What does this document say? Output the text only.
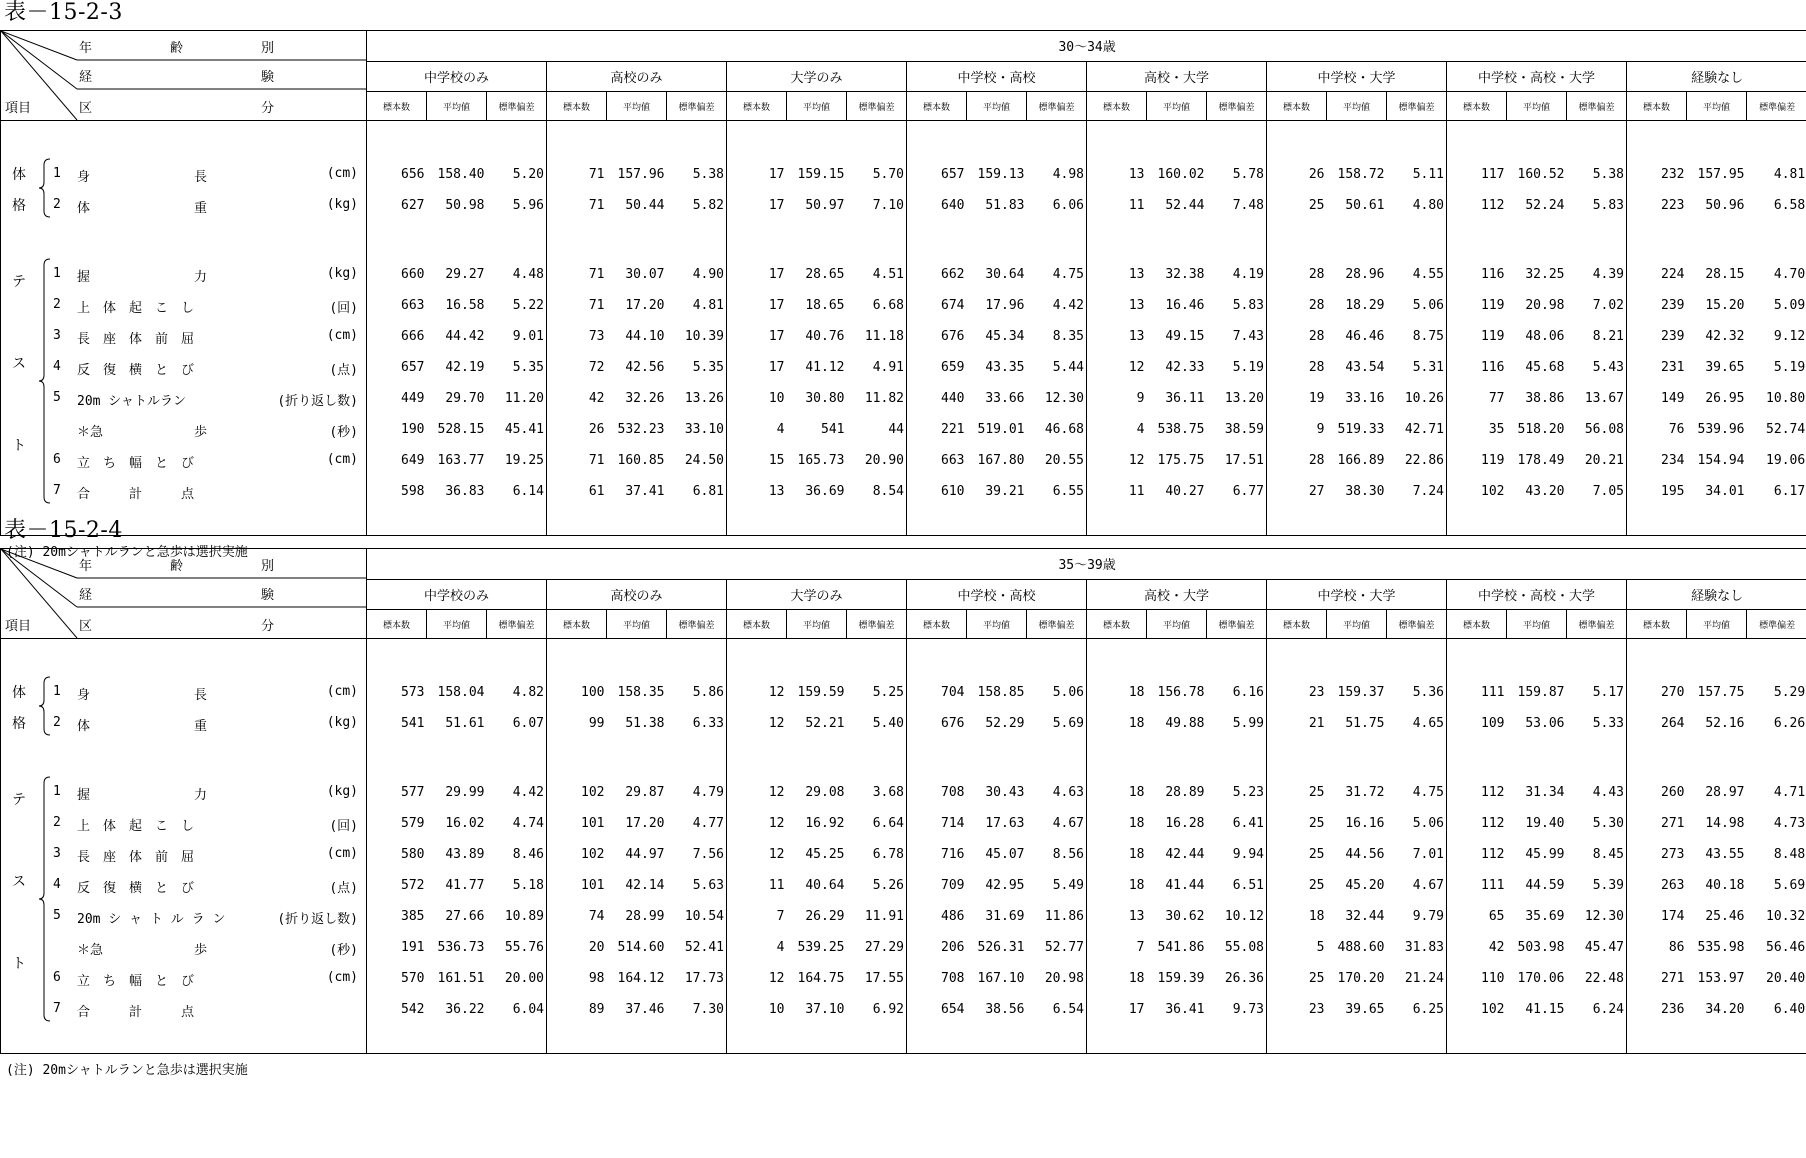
表－15-2-3
年　　　　　　齢　　　　　　別
経　　　　　　　　　　　　　験
項目 区　　　　　　　　　　　　　分	30～34歳																							
	中学校のみ			高校のみ			大学のみ			中学校・高校			高校・大学			中学校・大学			中学校・高校・大学			経験なし		
	標本数	平均値	標準偏差	標本数	平均値	標準偏差	標本数	平均値	標準偏差	標本数	平均値	標準偏差	標本数	平均値	標準偏差	標本数	平均値	標準偏差	標本数	平均値	標準偏差	標本数	平均値	標準偏差

1 身　　　　　　　　長 (cm)	656	158.40	5.20	71	157.96	5.38	17	159.15	5.70	657	159.13	4.98	13	160.02	5.78	26	158.72	5.11	117	160.52	5.38	232	157.95	4.81

2 体　　　　　　　　重 (kg)	627	50.98	5.96	71	50.44	5.82	17	50.97	7.10	640	51.83	6.06	11	52.44	7.48	25	50.61	4.80	112	52.24	5.83	223	50.96	6.58

1 握　　　　　　　　力 (kg)	660	29.27	4.48	71	30.07	4.90	17	28.65	4.51	662	30.64	4.75	13	32.38	4.19	28	28.96	4.55	116	32.25	4.39	224	28.15	4.70

2 上　体　起　こ　し (回)	663	16.58	5.22	71	17.20	4.81	17	18.65	6.68	674	17.96	4.42	13	16.46	5.83	28	18.29	5.06	119	20.98	7.02	239	15.20	5.09

3 長　座　体　前　屈 (cm)	666	44.42	9.01	73	44.10	10.39	17	40.76	11.18	676	45.34	8.35	13	49.15	7.43	28	46.46	8.75	119	48.06	8.21	239	42.32	9.12

4 反　復　横　と　び (点)	657	42.19	5.35	72	42.56	5.35	17	41.12	4.91	659	43.35	5.44	12	42.33	5.19	28	43.54	5.31	116	45.68	5.43	231	39.65	5.19

5 20m シャトルラン (折り返し数)	449	29.70	11.20	42	32.26	13.26	10	30.80	11.82	440	33.66	12.30	9	36.11	13.20	19	33.16	10.26	77	38.86	13.67	149	26.95	10.80

＊急　　　　　　　歩 (秒)	190	528.15	45.41	26	532.23	33.10	4	541	44	221	519.01	46.68	4	538.75	38.59	9	519.33	42.71	35	518.20	56.08	76	539.96	52.74

6 立　ち　幅　と　び (cm)	649	163.77	19.25	71	160.85	24.50	15	165.73	20.90	663	167.80	20.55	12	175.75	17.51	28	166.89	22.86	119	178.49	20.21	234	154.94	19.06

7 合　　　計　　　点	598	36.83	6.14	61	37.41	6.81	13	36.69	8.54	610	39.21	6.55	11	40.27	6.77	27	38.30	7.24	102	43.20	7.05	195	34.01	6.17

体
格
テ
ス
ト
(注) 20mシャトルランと急歩は選択実施
表－15-2-4
年　　　　　　齢　　　　　　別
経　　　　　　　　　　　　　験
項目 区　　　　　　　　　　　　　分	35～39歳																							
	中学校のみ			高校のみ			大学のみ			中学校・高校			高校・大学			中学校・大学			中学校・高校・大学			経験なし		
	標本数	平均値	標準偏差	標本数	平均値	標準偏差	標本数	平均値	標準偏差	標本数	平均値	標準偏差	標本数	平均値	標準偏差	標本数	平均値	標準偏差	標本数	平均値	標準偏差	標本数	平均値	標準偏差

1 身　　　　　　　　長 (cm)	573	158.04	4.82	100	158.35	5.86	12	159.59	5.25	704	158.85	5.06	18	156.78	6.16	23	159.37	5.36	111	159.87	5.17	270	157.75	5.29

2 体　　　　　　　　重 (kg)	541	51.61	6.07	99	51.38	6.33	12	52.21	5.40	676	52.29	5.69	18	49.88	5.99	21	51.75	4.65	109	53.06	5.33	264	52.16	6.26

1 握　　　　　　　　力 (kg)	577	29.99	4.42	102	29.87	4.79	12	29.08	3.68	708	30.43	4.63	18	28.89	5.23	25	31.72	4.75	112	31.34	4.43	260	28.97	4.71

2 上　体　起　こ　し (回)	579	16.02	4.74	101	17.20	4.77	12	16.92	6.64	714	17.63	4.67	18	16.28	6.41	25	16.16	5.06	112	19.40	5.30	271	14.98	4.73

3 長　座　体　前　屈 (cm)	580	43.89	8.46	102	44.97	7.56	12	45.25	6.78	716	45.07	8.56	18	42.44	9.94	25	44.56	7.01	112	45.99	8.45	273	43.55	8.48

4 反　復　横　と　び (点)	572	41.77	5.18	101	42.14	5.63	11	40.64	5.26	709	42.95	5.49	18	41.44	6.51	25	45.20	4.67	111	44.59	5.39	263	40.18	5.69

5 20m シ ャ ト ル ラ ン (折り返し数)	385	27.66	10.89	74	28.99	10.54	7	26.29	11.91	486	31.69	11.86	13	30.62	10.12	18	32.44	9.79	65	35.69	12.30	174	25.46	10.32

＊急　　　　　　　歩 (秒)	191	536.73	55.76	20	514.60	52.41	4	539.25	27.29	206	526.31	52.77	7	541.86	55.08	5	488.60	31.83	42	503.98	45.47	86	535.98	56.46

6 立　ち　幅　と　び (cm)	570	161.51	20.00	98	164.12	17.73	12	164.75	17.55	708	167.10	20.98	18	159.39	26.36	25	170.20	21.24	110	170.06	22.48	271	153.97	20.40

7 合　　　計　　　点	542	36.22	6.04	89	37.46	7.30	10	37.10	6.92	654	38.56	6.54	17	36.41	9.73	23	39.65	6.25	102	41.15	6.24	236	34.20	6.40

体
格
テ
ス
ト
(注) 20mシャトルランと急歩は選択実施
